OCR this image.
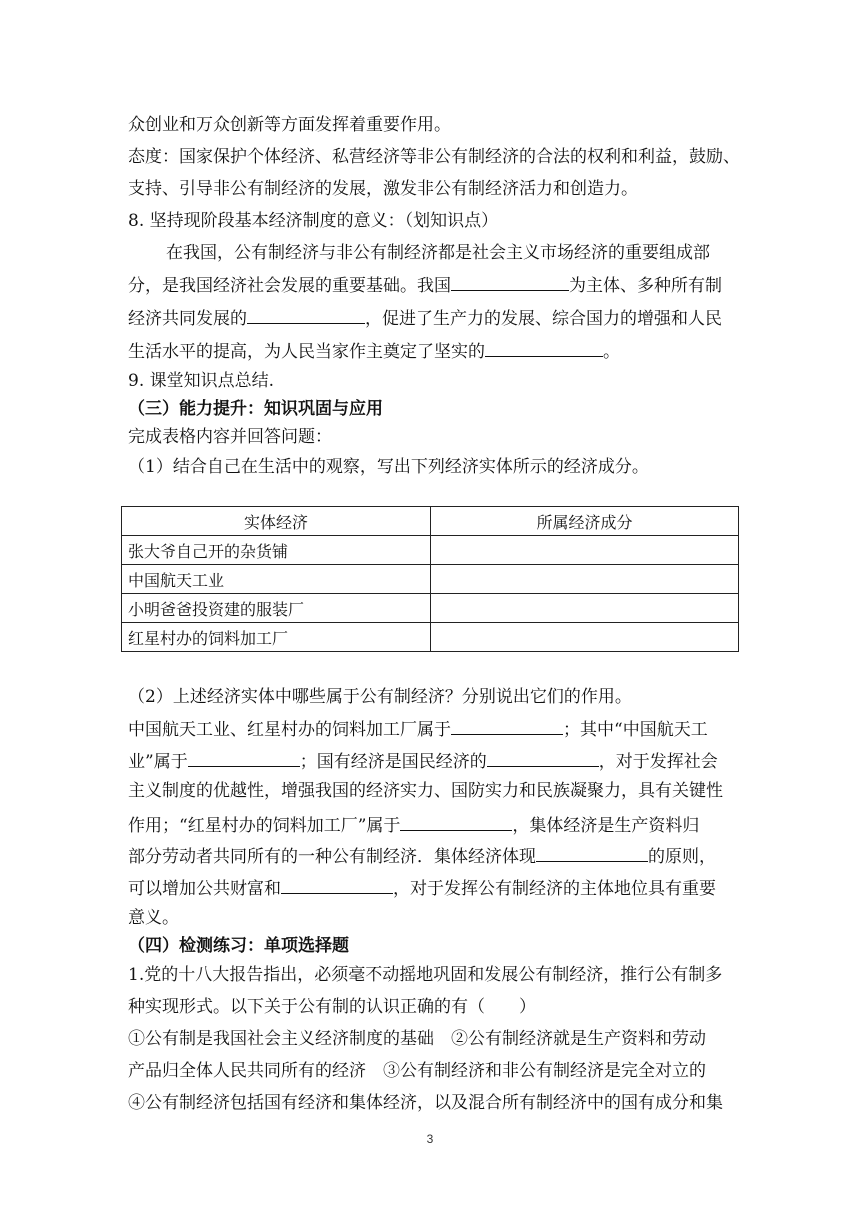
众创业和万众创新等方面发挥着重要作用。
态度：国家保护个体经济、私营经济等非公有制经济的合法的权利和利益，鼓励、
支持、引导非公有制经济的发展，激发非公有制经济活力和创造力。
8. 坚持现阶段基本经济制度的意义：（划知识点）
在我国，公有制经济与非公有制经济都是社会主义市场经济的重要组成部
分，是我国经济社会发展的重要基础。我国	为主体、多种所有制
经济共同发展的	，促进了生产力的发展、综合国力的增强和人民
生活水平的提高，为人民当家作主奠定了坚实的	。
9. 课堂知识点总结.
（三）能力提升：知识巩固与应用
完成表格内容并回答问题：
（1）结合自己在生活中的观察，写出下列经济实体所示的经济成分。
实体经济	所属经济成分
张大爷自己开的杂货铺	
中国航天工业	
小明爸爸投资建的服装厂	
红星村办的饲料加工厂	
（2）上述经济实体中哪些属于公有制经济？分别说出它们的作用。
中国航天工业、红星村办的饲料加工厂属于	；其中“中国航天工
业”属于	；国有经济是国民经济的	，对于发挥社会
主义制度的优越性，增强我国的经济实力、国防实力和民族凝聚力，具有关键性
作用；“红星村办的饲料加工厂”属于	，集体经济是生产资料归
部分劳动者共同所有的一种公有制经济．集体经济体现	的原则，
可以增加公共财富和	，对于发挥公有制经济的主体地位具有重要
意义。
（四）检测练习：单项选择题
1.党的十八大报告指出，必须毫不动摇地巩固和发展公有制经济，推行公有制多
种实现形式。以下关于公有制的认识正确的有（　　）
①公有制是我国社会主义经济制度的基础　②公有制经济就是生产资料和劳动
产品归全体人民共同所有的经济　③公有制经济和非公有制经济是完全对立的
④公有制经济包括国有经济和集体经济，以及混合所有制经济中的国有成分和集
3
